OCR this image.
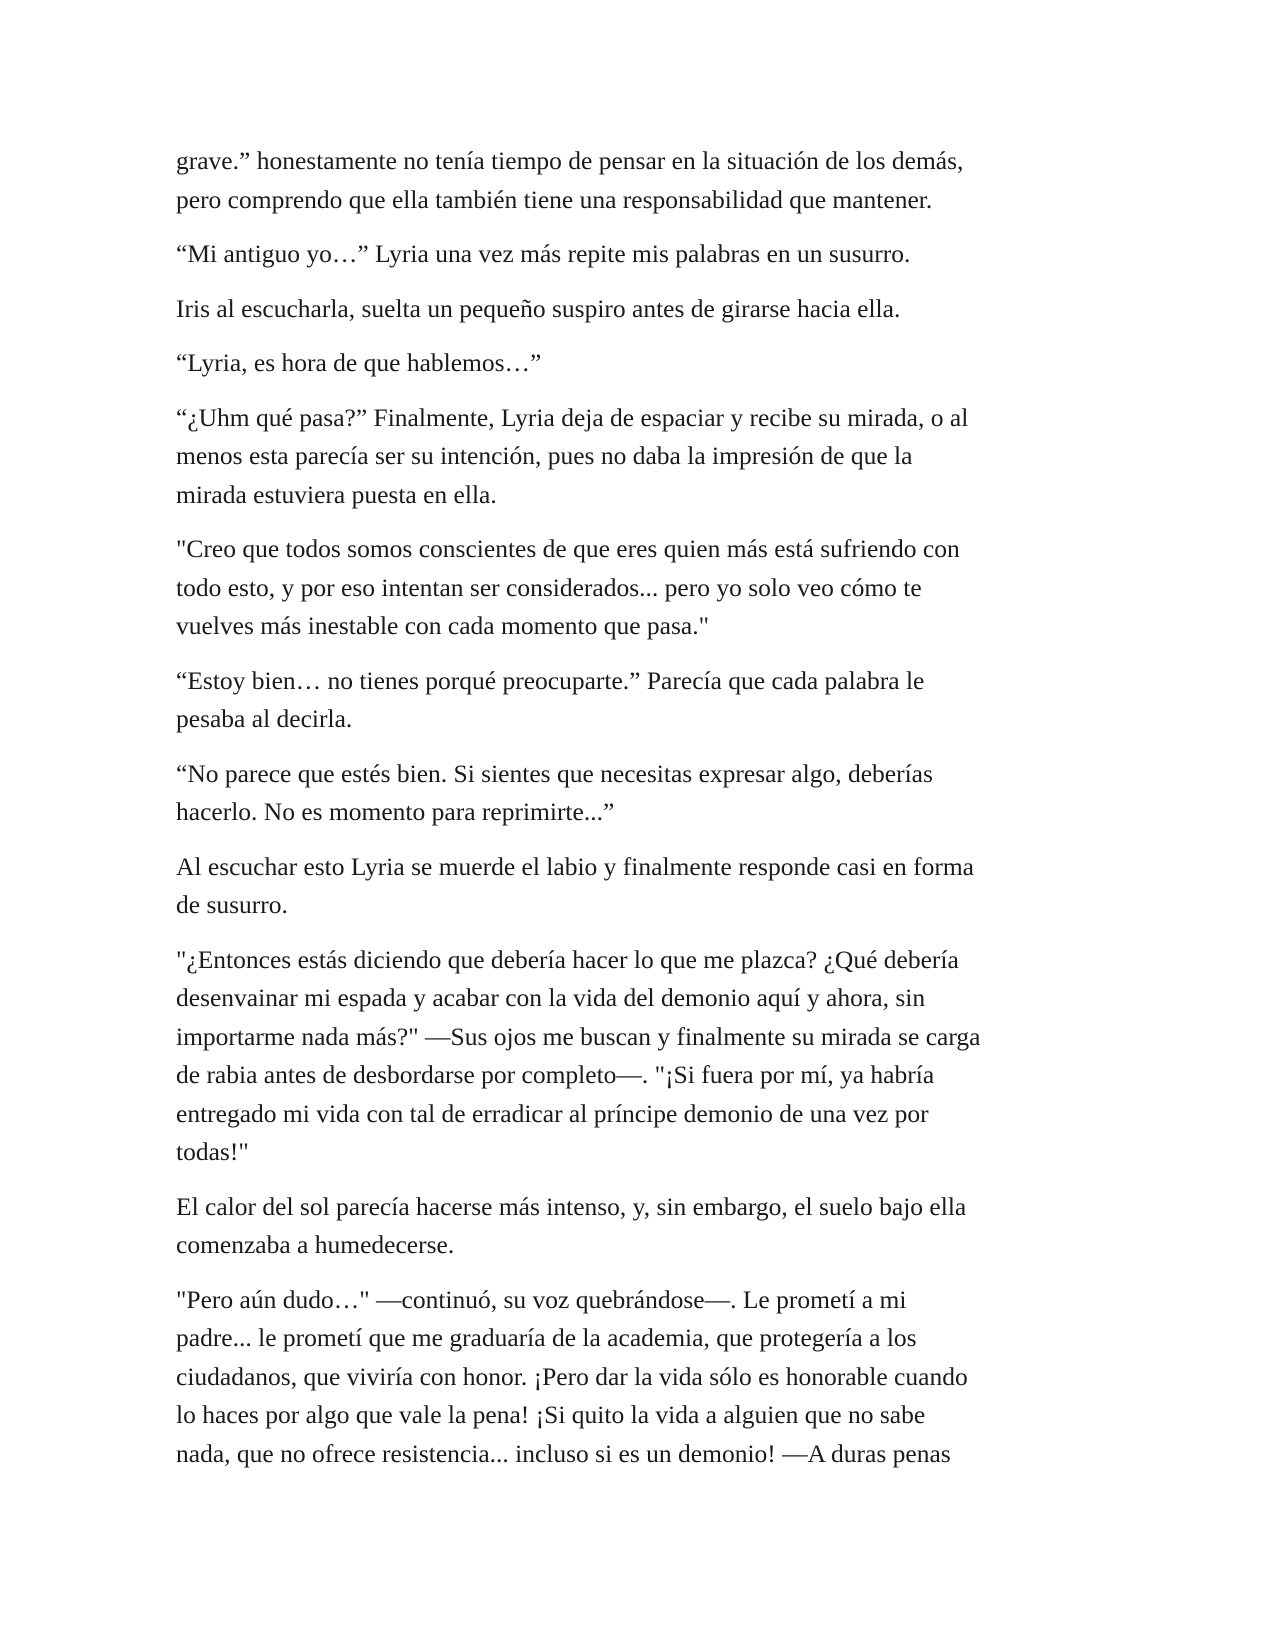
grave.” honestamente no tenía tiempo de pensar en la situación de los demás,
pero comprendo que ella también tiene una responsabilidad que mantener.

“Mi antiguo yo…” Lyria una vez más repite mis palabras en un susurro.

Iris al escucharla, suelta un pequeño suspiro antes de girarse hacia ella.

“Lyria, es hora de que hablemos…”

“¿Uhm qué pasa?” Finalmente, Lyria deja de espaciar y recibe su mirada, o al
menos esta parecía ser su intención, pues no daba la impresión de que la
mirada estuviera puesta en ella.

"Creo que todos somos conscientes de que eres quien más está sufriendo con
todo esto, y por eso intentan ser considerados... pero yo solo veo cómo te
vuelves más inestable con cada momento que pasa."

“Estoy bien… no tienes porqué preocuparte.” Parecía que cada palabra le
pesaba al decirla.

“No parece que estés bien. Si sientes que necesitas expresar algo, deberías
hacerlo. No es momento para reprimirte...”

Al escuchar esto Lyria se muerde el labio y finalmente responde casi en forma
de susurro.

"¿Entonces estás diciendo que debería hacer lo que me plazca? ¿Qué debería
desenvainar mi espada y acabar con la vida del demonio aquí y ahora, sin
importarme nada más?" —Sus ojos me buscan y finalmente su mirada se carga
de rabia antes de desbordarse por completo—. "¡Si fuera por mí, ya habría
entregado mi vida con tal de erradicar al príncipe demonio de una vez por
todas!"

El calor del sol parecía hacerse más intenso, y, sin embargo, el suelo bajo ella
comenzaba a humedecerse.

"Pero aún dudo…" —continuó, su voz quebrándose—. Le prometí a mi
padre... le prometí que me graduaría de la academia, que protegería a los
ciudadanos, que viviría con honor. ¡Pero dar la vida sólo es honorable cuando
lo haces por algo que vale la pena! ¡Si quito la vida a alguien que no sabe
nada, que no ofrece resistencia... incluso si es un demonio! —A duras penas
